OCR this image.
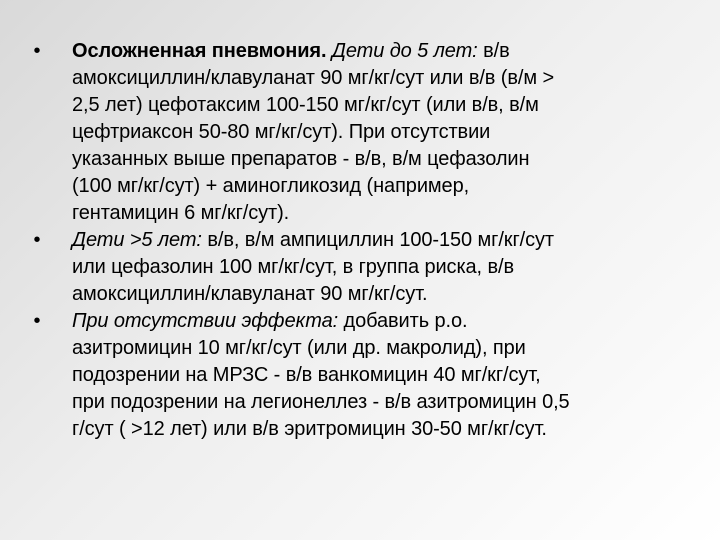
• Осложненная пневмония. Дети до 5 лет: в/в
амоксициллин/клавуланат 90 мг/кг/сут или в/в (в/м >
2,5 лет) цефотаксим 100-150 мг/кг/сут (или в/в, в/м
цефтриаксон 50-80 мг/кг/сут). При отсутствии
указанных выше препаратов - в/в, в/м цефазолин
(100 мг/кг/сут) + аминогликозид (например,
гентамицин 6 мг/кг/сут).
• Дети >5 лет: в/в, в/м ампициллин 100-150 мг/кг/сут
или цефазолин 100 мг/кг/сут, в группа риска, в/в
амоксициллин/клавуланат 90 мг/кг/сут.
• При отсутствии эффекта: добавить р.о.
азитромицин 10 мг/кг/сут (или др. макролид), при
подозрении на МРЗС - в/в ванкомицин 40 мг/кг/сут,
при подозрении на легионеллез - в/в азитромицин 0,5
г/сут ( >12 лет) или в/в эритромицин 30-50 мг/кг/сут.
